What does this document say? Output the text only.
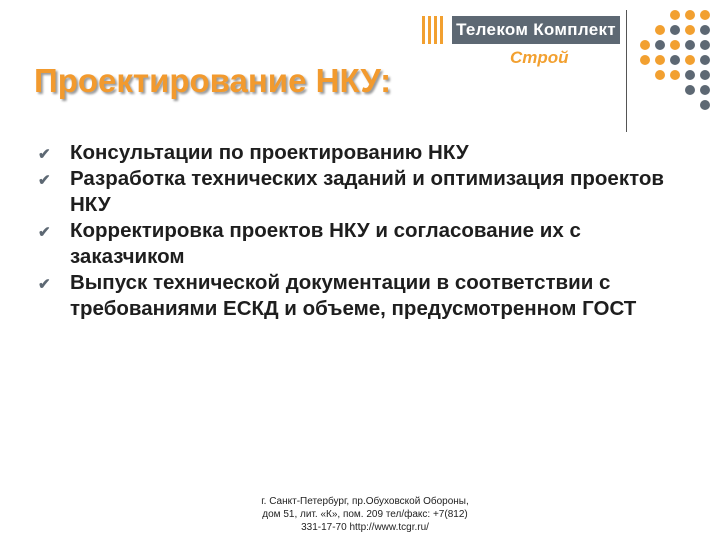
Телеком Комплект
Строй
Проектирование НКУ:
✔ Консультации по проектированию НКУ
✔ Разработка технических заданий и оптимизация проектов НКУ
✔ Корректировка проектов НКУ и согласование их с заказчиком
✔ Выпуск технической документации в соответствии с требованиями ЕСКД и объеме, предусмотренном ГОСТ
г. Санкт-Петербург, пр.Обуховской Обороны,
дом 51, лит. «К», пом. 209 тел/факс: +7(812)
331-17-70 http://www.tcgr.ru/
